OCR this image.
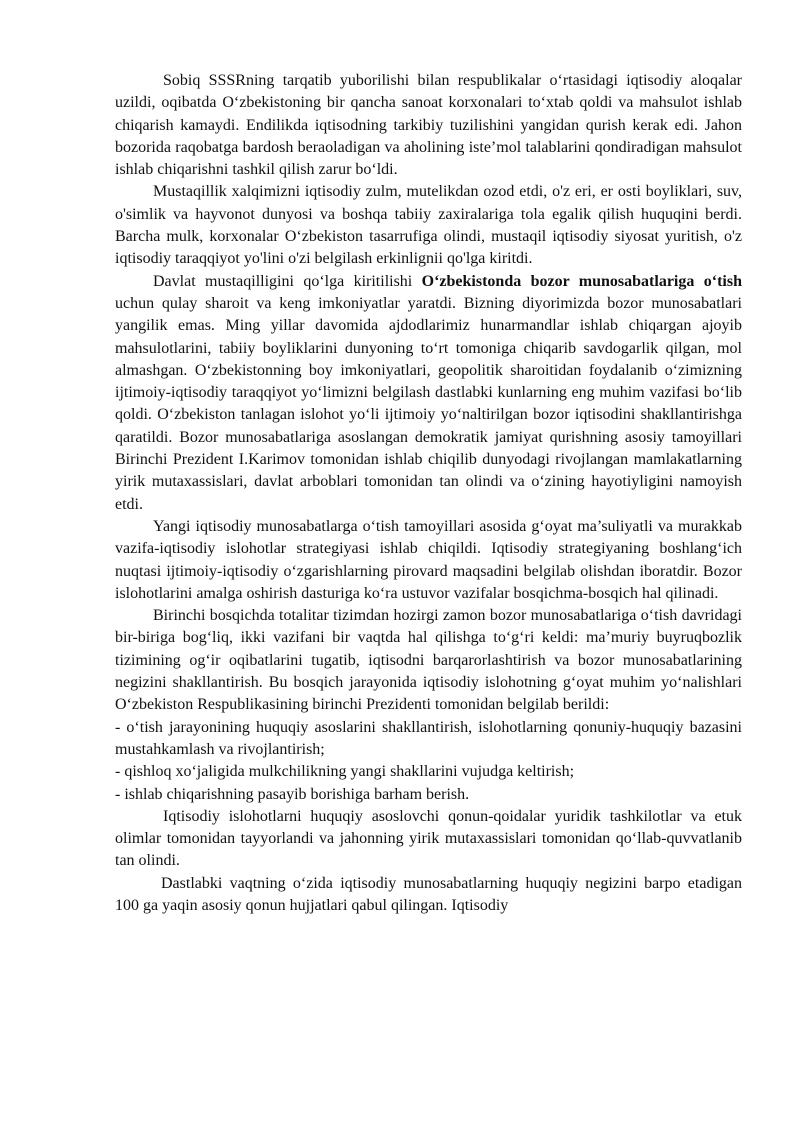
Sobiq SSSRning tarqatib yuborilishi bilan respublikalar o‘rtasidagi iqtisodiy aloqalar uzildi, oqibatda O‘zbekistoning bir qancha sanoat korxonalari to‘xtab qoldi va mahsulot ishlab chiqarish kamaydi. Endilikda iqtisodning tarkibiy tuzilishini yangidan qurish kerak edi. Jahon bozorida raqobatga bardosh beraoladigan va aholining iste’mol talablarini qondiradigan mahsulot ishlab chiqarishni tashkil qilish zarur bo‘ldi.

Mustaqillik xalqimizni iqtisodiy zulm, mutelikdan ozod etdi, o'z eri, er osti boyliklari, suv, o'simlik va hayvonot dunyosi va boshqa tabiiy zaxiralariga tola egalik qilish huquqini berdi. Barcha mulk, korxonalar O‘zbekiston tasarrufiga olindi, mustaqil iqtisodiy siyosat yuritish, o'z iqtisodiy taraqqiyot yo'lini o'zi belgilash erkinlignii qo'lga kiritdi.

Davlat mustaqilligini qo‘lga kiritilishi O‘zbekistonda bozor munosabatlariga o‘tish uchun qulay sharoit va keng imkoniyatlar yaratdi. Bizning diyorimizda bozor munosabatlari yangilik emas. Ming yillar davomida ajdodlarimiz hunarmandlar ishlab chiqargan ajoyib mahsulotlarini, tabiiy boyliklarini dunyoning to‘rt tomoniga chiqarib savdogarlik qilgan, mol almashgan. O‘zbekistonning boy imkoniyatlari, geopolitik sharoitidan foydalanib o‘zimizning ijtimoiy-iqtisodiy taraqqiyot yo‘limizni belgilash dastlabki kunlarning eng muhim vazifasi bo‘lib qoldi. O‘zbekiston tanlagan islohot yo‘li ijtimoiy yo‘naltirilgan bozor iqtisodini shakllantirishga qaratildi. Bozor munosabatlariga asoslangan demokratik jamiyat qurishning asosiy tamoyillari Birinchi Prezident I.Karimov tomonidan ishlab chiqilib dunyodagi rivojlangan mamlakatlarning yirik mutaxassislari, davlat arboblari tomonidan tan olindi va o‘zining hayotiyligini namoyish etdi.

Yangi iqtisodiy munosabatlarga o‘tish tamoyillari asosida g‘oyat ma’suliyatli va murakkab vazifa-iqtisodiy islohotlar strategiyasi ishlab chiqildi. Iqtisodiy strategiyaning boshlang‘ich nuqtasi ijtimoiy-iqtisodiy o‘zgarishlarning pirovard maqsadini belgilab olishdan iboratdir. Bozor islohotlarini amalga oshirish dasturiga ko‘ra ustuvor vazifalar bosqichma-bosqich hal qilinadi.

Birinchi bosqichda totalitar tizimdan hozirgi zamon bozor munosabatlariga o‘tish davridagi bir-biriga bog‘liq, ikki vazifani bir vaqtda hal qilishga to‘g‘ri keldi: ma’muriy buyruqbozlik tizimining og‘ir oqibatlarini tugatib, iqtisodni barqarorlashtirish va bozor munosabatlarining negizini shakllantirish. Bu bosqich jarayonida iqtisodiy islohotning g‘oyat muhim yo‘nalishlari O‘zbekiston Respublikasining birinchi Prezidenti tomonidan belgilab berildi:

- o‘tish jarayonining huquqiy asoslarini shakllantirish, islohotlarning qonuniy-huquqiy bazasini mustahkamlash va rivojlantirish;

- qishloq xo‘jaligida mulkchilikning yangi shakllarini vujudga keltirish;

- ishlab chiqarishning pasayib borishiga barham berish.

Iqtisodiy islohotlarni huquqiy asoslovchi qonun-qoidalar yuridik tashkilotlar va etuk olimlar tomonidan tayyorlandi va jahonning yirik mutaxassislari tomonidan qo‘llab-quvvatlanib tan olindi.

Dastlabki vaqtning o‘zida iqtisodiy munosabatlarning huquqiy negizini barpo etadigan 100 ga yaqin asosiy qonun hujjatlari qabul qilingan. Iqtisodiy
